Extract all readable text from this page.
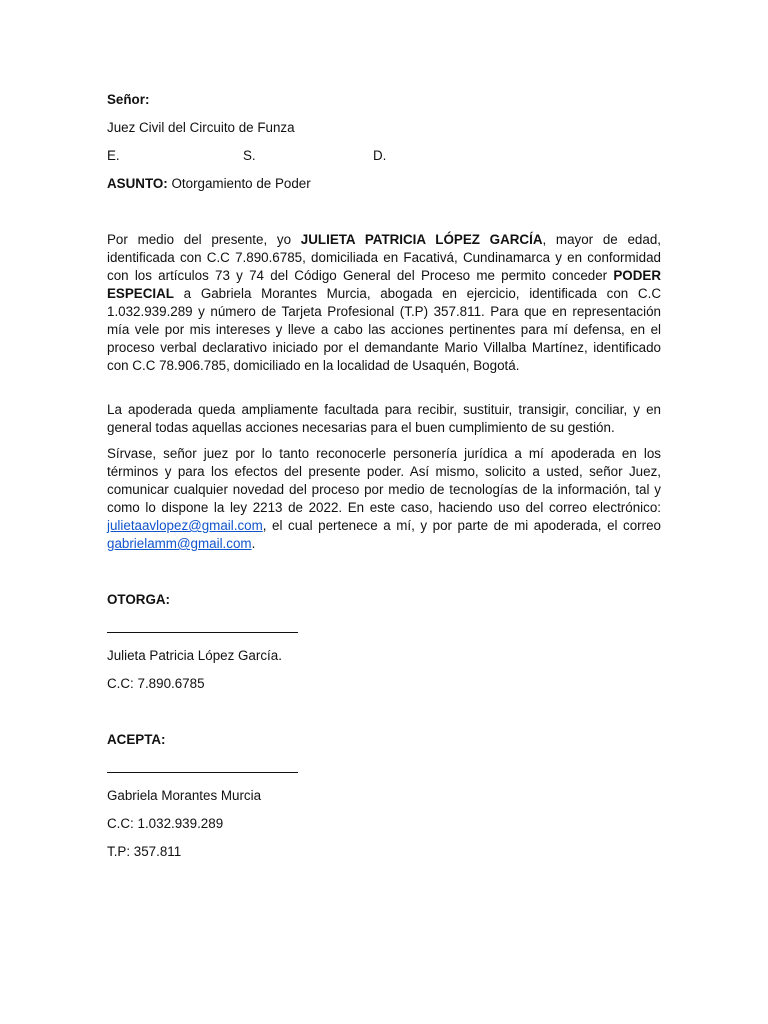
Señor:
Juez Civil del Circuito de Funza
E.	S.	D.
ASUNTO: Otorgamiento de Poder
Por medio del presente, yo JULIETA PATRICIA LÓPEZ GARCÍA, mayor de edad, identificada con C.C 7.890.6785, domiciliada en Facativá, Cundinamarca y en conformidad con los artículos 73 y 74 del Código General del Proceso me permito conceder PODER ESPECIAL a Gabriela Morantes Murcia, abogada en ejercicio, identificada con C.C 1.032.939.289 y número de Tarjeta Profesional (T.P) 357.811. Para que en representación mía vele por mis intereses y lleve a cabo las acciones pertinentes para mí defensa, en el proceso verbal declarativo iniciado por el demandante Mario Villalba Martínez, identificado con C.C 78.906.785, domiciliado en la localidad de Usaquén, Bogotá.
La apoderada queda ampliamente facultada para recibir, sustituir, transigir, conciliar, y en general todas aquellas acciones necesarias para el buen cumplimiento de su gestión.
Sírvase, señor juez por lo tanto reconocerle personería jurídica a mí apoderada en los términos y para los efectos del presente poder. Así mismo, solicito a usted, señor Juez, comunicar cualquier novedad del proceso por medio de tecnologías de la información, tal y como lo dispone la ley 2213 de 2022. En este caso, haciendo uso del correo electrónico: julietaavlopez@gmail.com, el cual pertenece a mí, y por parte de mi apoderada, el correo gabrielamm@gmail.com.
OTORGA:
Julieta Patricia López García.
C.C: 7.890.6785
ACEPTA:
Gabriela Morantes Murcia
C.C: 1.032.939.289
T.P: 357.811
